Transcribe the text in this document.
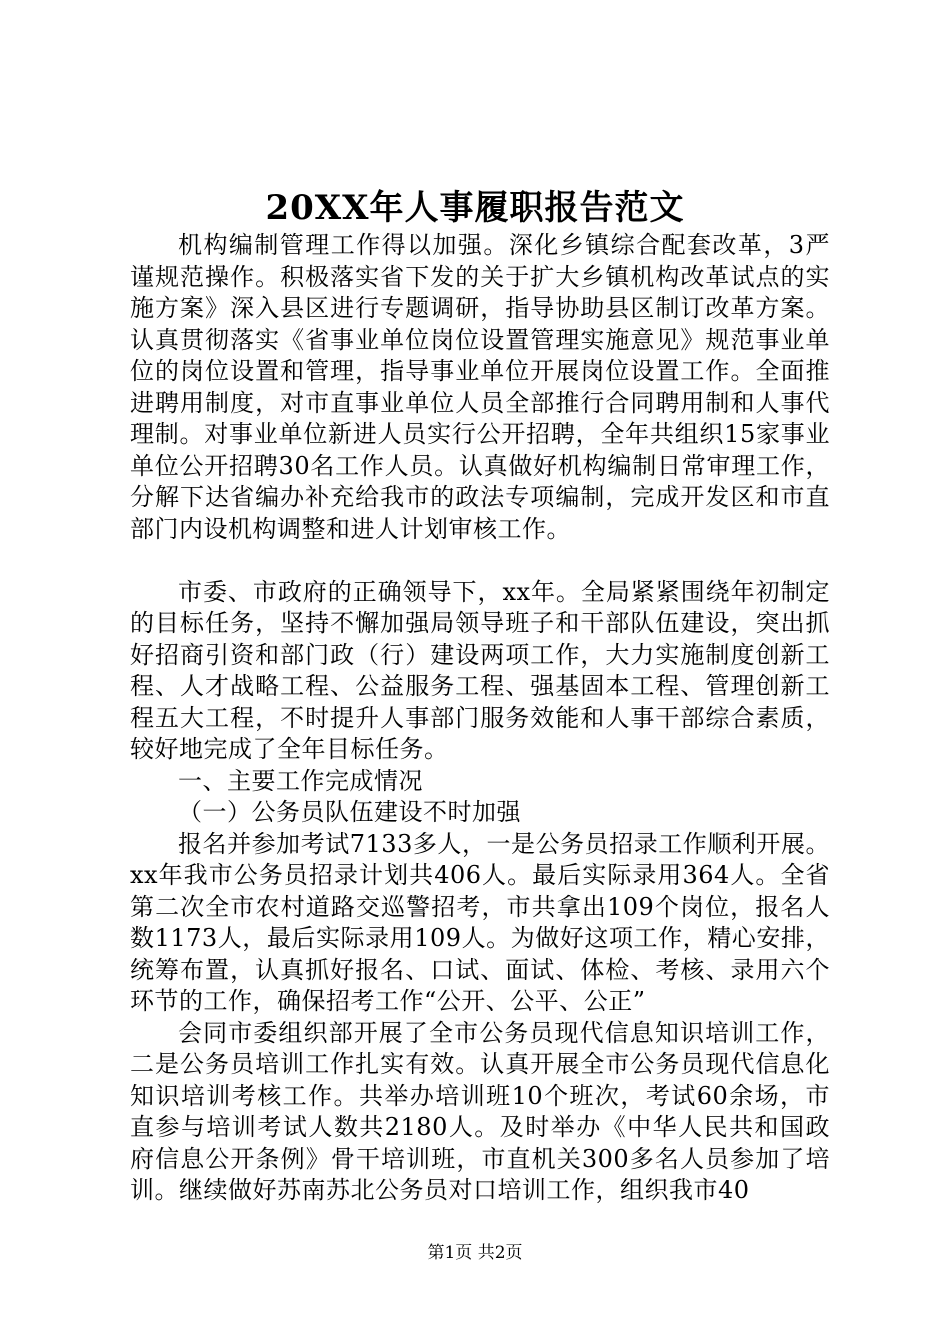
20XX年人事履职报告范文

机构编制管理工作得以加强。深化乡镇综合配套改革，3严谨规范操作。积极落实省下发的关于扩大乡镇机构改革试点的实施方案》深入县区进行专题调研，指导协助县区制订改革方案。认真贯彻落实《省事业单位岗位设置管理实施意见》规范事业单位的岗位设置和管理，指导事业单位开展岗位设置工作。全面推进聘用制度，对市直事业单位人员全部推行合同聘用制和人事代理制。对事业单位新进人员实行公开招聘，全年共组织15家事业单位公开招聘30名工作人员。认真做好机构编制日常审理工作，分解下达省编办补充给我市的政法专项编制，完成开发区和市直部门内设机构调整和进人计划审核工作。

市委、市政府的正确领导下，xx年。全局紧紧围绕年初制定的目标任务，坚持不懈加强局领导班子和干部队伍建设，突出抓好招商引资和部门政（行）建设两项工作，大力实施制度创新工程、人才战略工程、公益服务工程、强基固本工程、管理创新工程五大工程，不时提升人事部门服务效能和人事干部综合素质，较好地完成了全年目标任务。

一、主要工作完成情况

（一）公务员队伍建设不时加强

报名并参加考试7133多人，一是公务员招录工作顺利开展。xx年我市公务员招录计划共406人。最后实际录用364人。全省第二次全市农村道路交巡警招考，市共拿出109个岗位，报名人数1173人，最后实际录用109人。为做好这项工作，精心安排，统筹布置，认真抓好报名、口试、面试、体检、考核、录用六个环节的工作，确保招考工作“公开、公平、公正”

会同市委组织部开展了全市公务员现代信息知识培训工作，二是公务员培训工作扎实有效。认真开展全市公务员现代信息化知识培训考核工作。共举办培训班10个班次，考试60余场，市直参与培训考试人数共2180人。及时举办《中华人民共和国政府信息公开条例》骨干培训班，市直机关300多名人员参加了培训。继续做好苏南苏北公务员对口培训工作，组织我市40

第1页 共2页
